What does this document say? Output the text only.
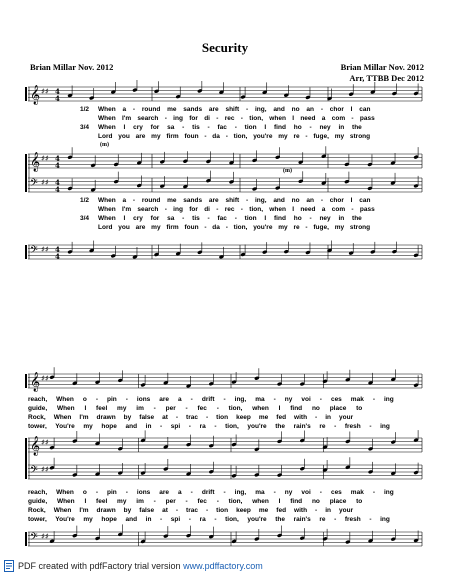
Security
Brian Millar Nov. 2012	Brian Millar Nov. 2012
Arr, TTBB Dec 2012
𝄞 ♯♯
𝄞 ♯♯
𝄢 ♯♯
𝄢 ♯♯
𝄞 ♯♯
𝄞 ♯♯
𝄢 ♯♯
𝄢 ♯♯
4
4
4
4
4
4
4
4
1/2
3/4
When a - round me sands are shift - ing, and no an - chor I can
When I'm search - ing for di - rec - tion, when I need a com - pass
When I cry for sa - tis - fac - tion I find ho - ney in the
Lord you are my firm foun - da - tion, you're my re - fuge, my strong
(m)
(m)
1/2
3/4
When a - round me sands are shift - ing, and no an - chor I can
When I'm search - ing for di - rec - tion, when I need a com - pass
When I cry for sa - tis - fac - tion I find ho - ney in the
Lord you are my firm foun - da - tion, you're my re - fuge, my strong
reach, When o - pin - ions are a - drift - ing, ma - ny voi - ces mak - ing
guide, When I feel my im - per - fec - tion, when I find no place to
Rock, When I'm drawn by false at - trac - tion keep me fed with - in your
tower, You're my hope and in - spi - ra - tion, you're the rain's re - fresh - ing
reach, When o - pin - ions are a - drift - ing, ma - ny voi - ces mak - ing
guide, When I feel my im - per - fec - tion, when I find no place to
Rock, When I'm drawn by false at - trac - tion keep me fed with - in your
tower, You're my hope and in - spi - ra - tion, you're the rain's re - fresh - ing
PDF created with pdfFactory trial version www.pdffactory.com
